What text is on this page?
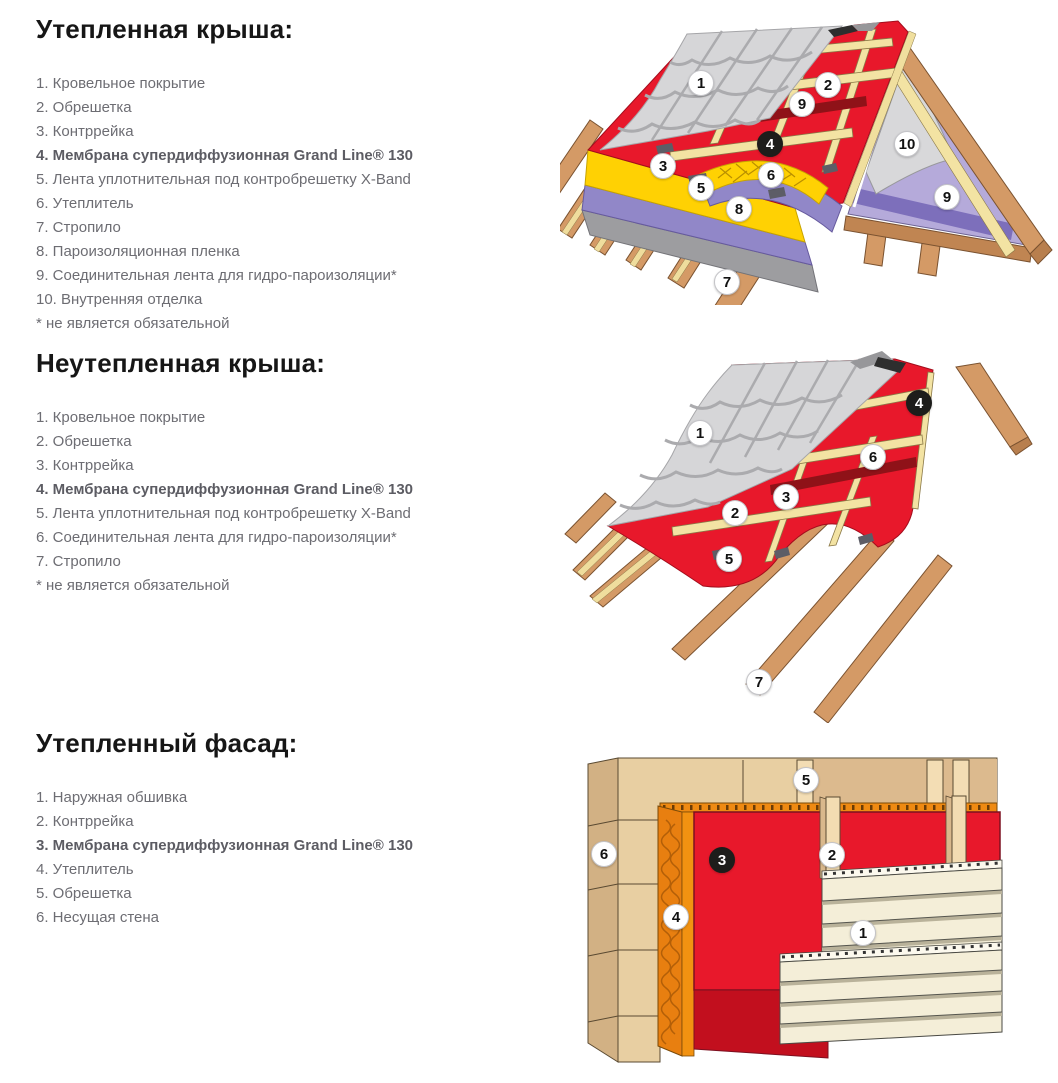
Утепленная крыша:
1. Кровельное покрытие
2. Обрешетка
3. Контррейка
4. Мембрана супердиффузионная Grand Line® 130
5. Лента уплотнительная под контробрешетку X-Band
6. Утеплитель
7. Стропило
8. Пароизоляционная пленка
9. Соединительная лента для гидро-пароизоляции*
10. Внутренняя отделка
* не является обязательной
Неутепленная крыша:
1. Кровельное покрытие
2. Обрешетка
3. Контррейка
4. Мембрана супердиффузионная Grand Line® 130
5. Лента уплотнительная под контробрешетку X-Band
6. Соединительная лента для гидро-пароизоляции*
7. Стропило
* не является обязательной
Утепленный фасад:
1. Наружная обшивка
2. Контррейка
3. Мембрана супердиффузионная Grand Line® 130
4. Утеплитель
5. Обрешетка
6. Несущая стена
1	2
9
4
3
6
5
8
7
10
9
1
4
6
3
2
5
7
5
6	3	2
4
1
